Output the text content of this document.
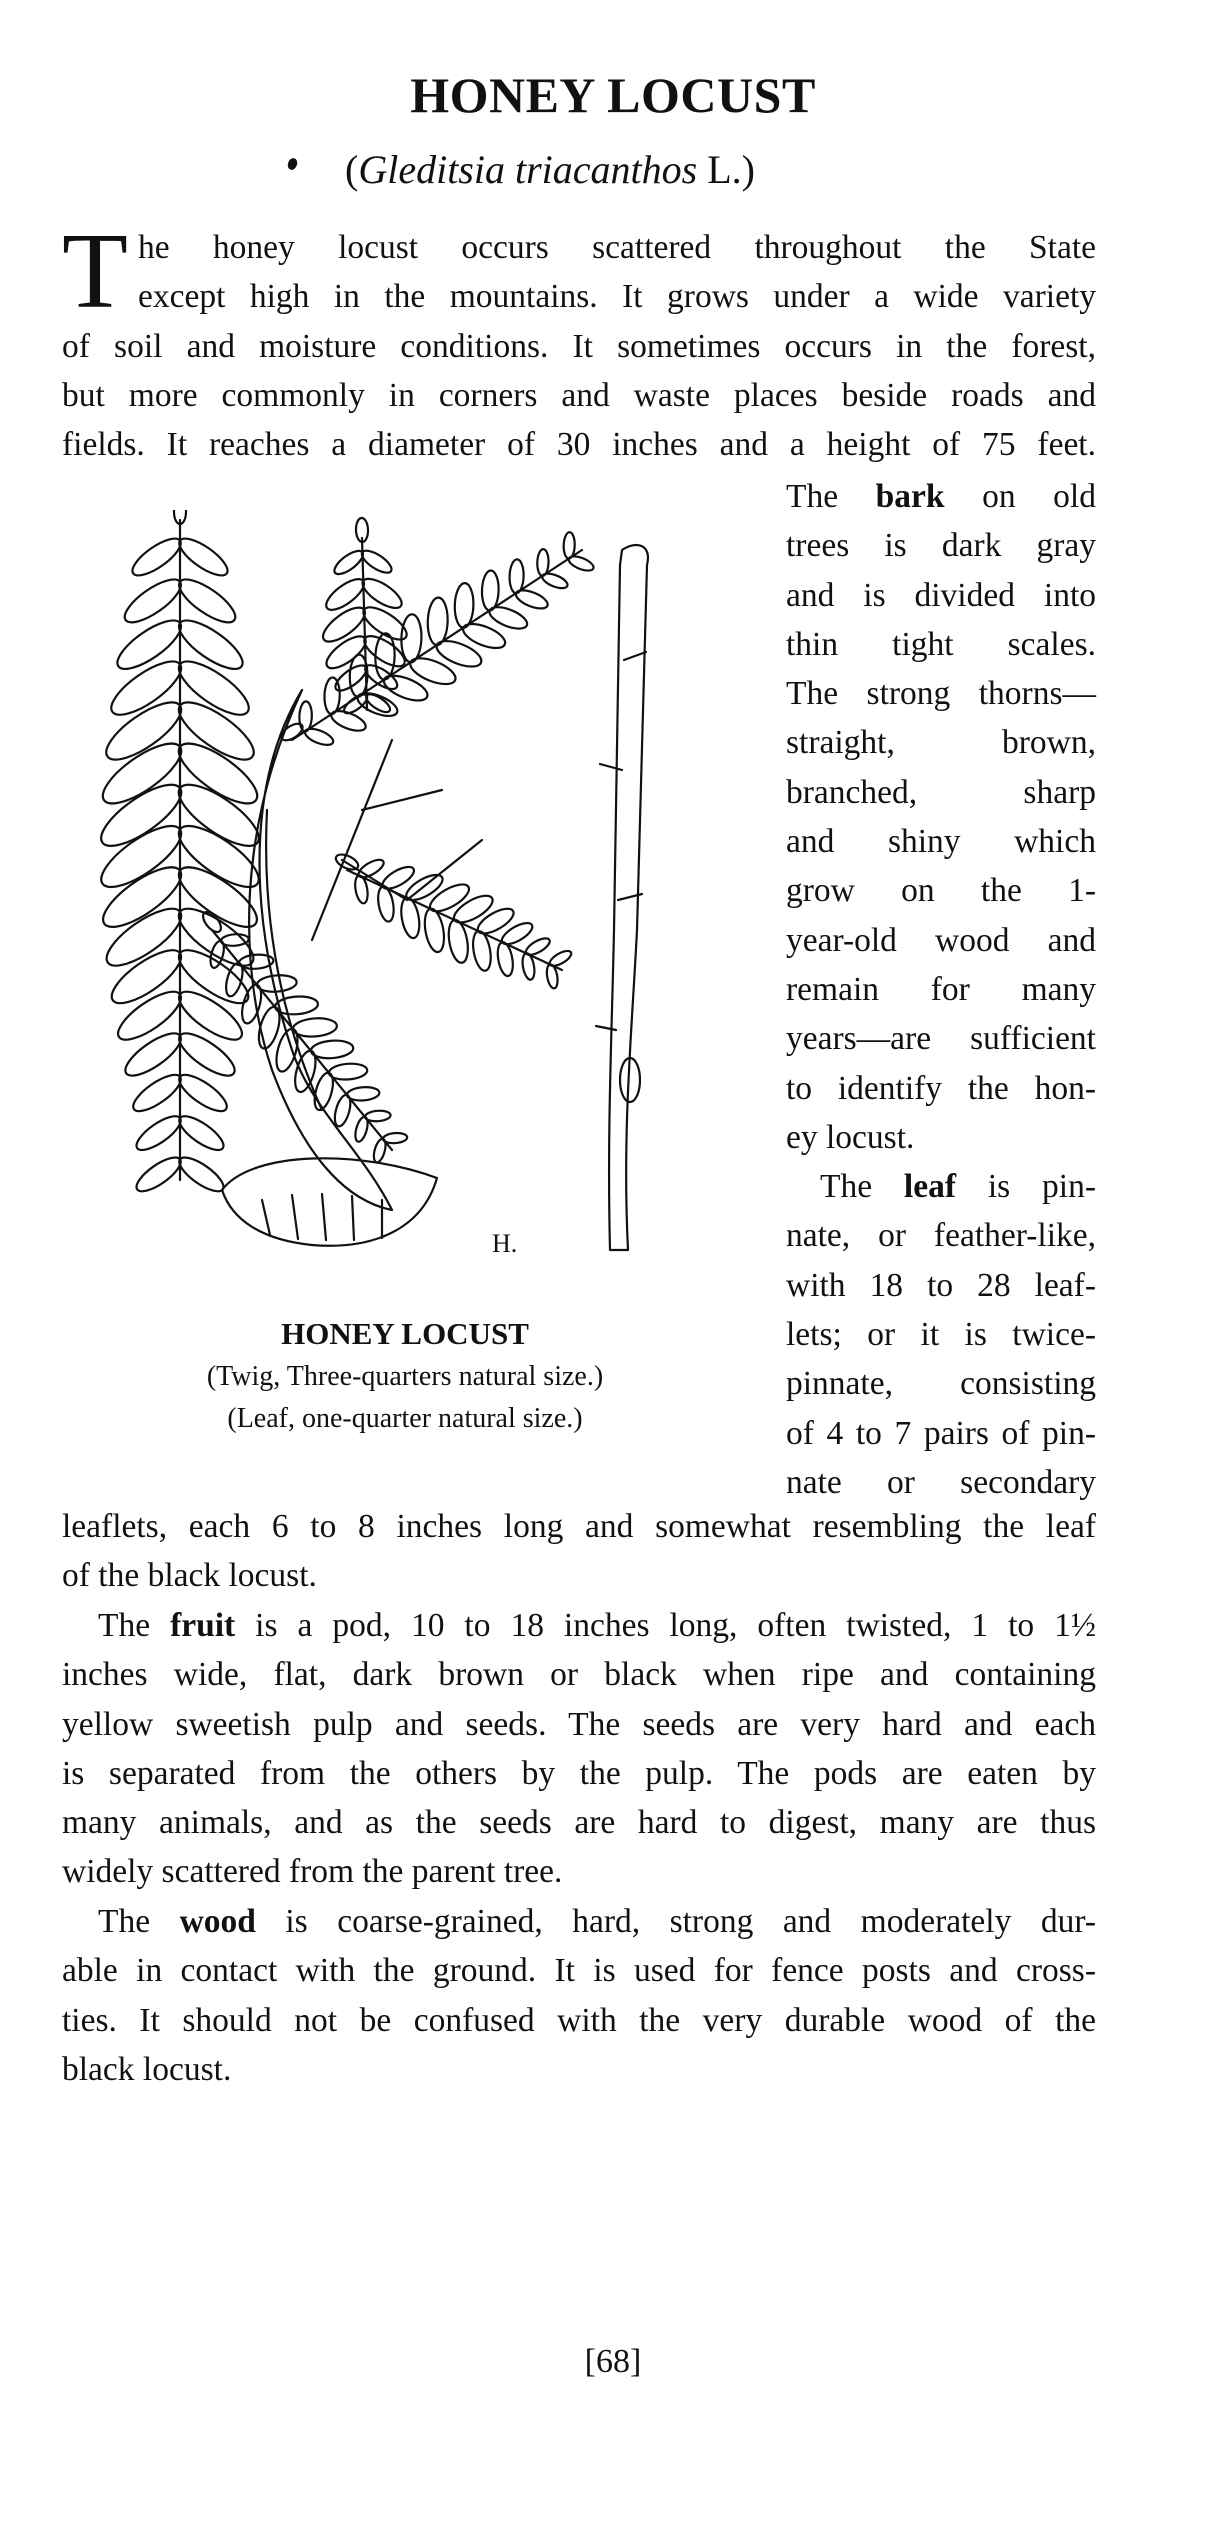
HONEY LOCUST
(Gleditsia triacanthos L.)
T he honey locust occurs scattered throughout the State

except high in the mountains. It grows under a wide variety

of soil and moisture conditions. It sometimes occurs in the forest,

but more commonly in corners and waste places beside roads and

fields. It reaches a diameter of 30 inches and a height of 75 feet.

The bark on old

trees is dark gray

and is divided into

thin tight scales.

The strong thorns—

straight, brown,

branched, sharp

and shiny which

grow on the 1-

year-old wood and

remain for many

years—are sufficient

to identify the hon-

ey locust.

The leaf is pin-

nate, or feather-like,

with 18 to 28 leaf-

lets; or it is twice-

pinnate, consisting

of 4 to 7 pairs of pin-

nate or secondary

H.
HONEY LOCUST
(Twig, Three-quarters natural size.)
(Leaf, one-quarter natural size.)

leaflets, each 6 to 8 inches long and somewhat resembling the leaf

of the black locust.

The fruit is a pod, 10 to 18 inches long, often twisted, 1 to 1½

inches wide, flat, dark brown or black when ripe and containing

yellow sweetish pulp and seeds. The seeds are very hard and each

is separated from the others by the pulp. The pods are eaten by

many animals, and as the seeds are hard to digest, many are thus

widely scattered from the parent tree.

The wood is coarse-grained, hard, strong and moderately dur-

able in contact with the ground. It is used for fence posts and cross-

ties. It should not be confused with the very durable wood of the

black locust.

[68]
